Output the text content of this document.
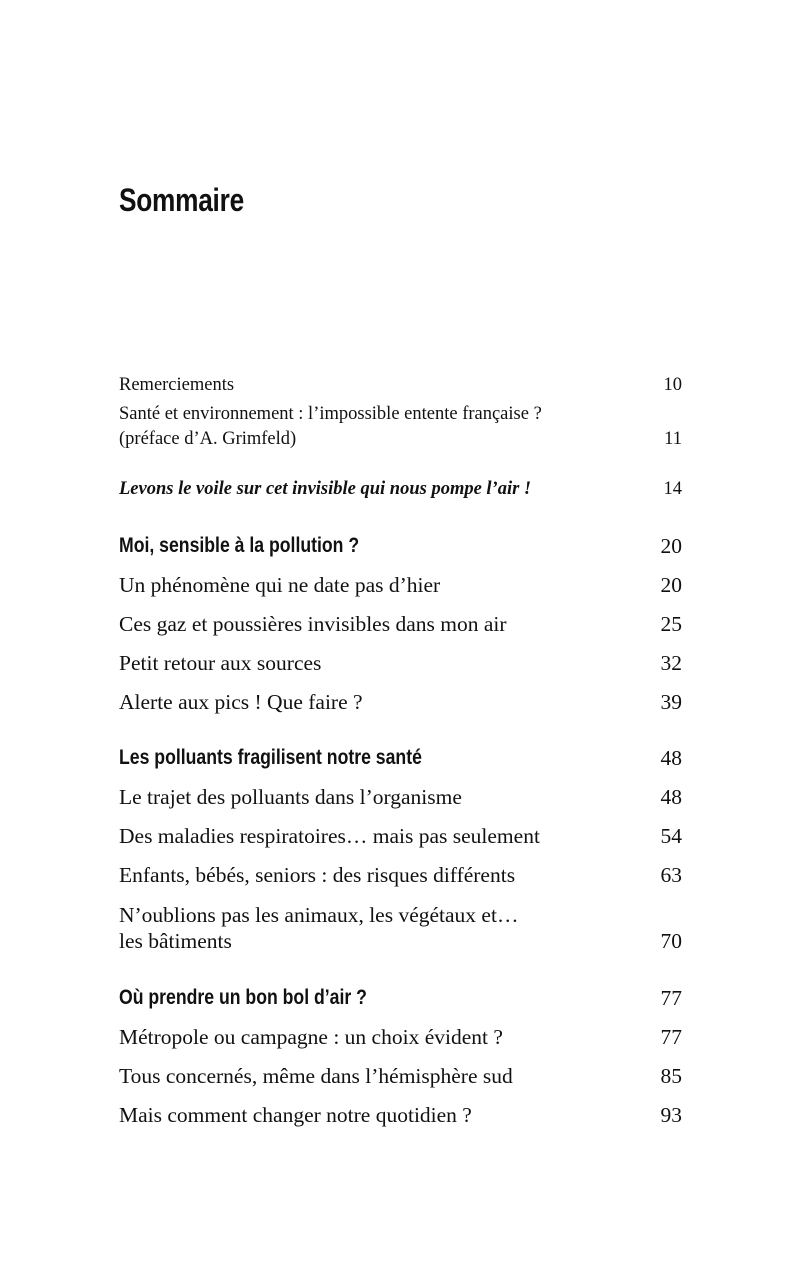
Sommaire
Remerciements	10
Santé et environnement : l’impossible entente française ?
(préface d’A. Grimfeld)	11
Levons le voile sur cet invisible qui nous pompe l’air !	14
Moi, sensible à la pollution ?	20
Un phénomène qui ne date pas d’hier	20
Ces gaz et poussières invisibles dans mon air	25
Petit retour aux sources	32
Alerte aux pics ! Que faire ?	39
Les polluants fragilisent notre santé	48
Le trajet des polluants dans l’organisme	48
Des maladies respiratoires… mais pas seulement	54
Enfants, bébés, seniors : des risques différents	63
N’oublions pas les animaux, les végétaux et…
les bâtiments	70
Où prendre un bon bol d’air ?	77
Métropole ou campagne : un choix évident ?	77
Tous concernés, même dans l’hémisphère sud	85
Mais comment changer notre quotidien ?	93
